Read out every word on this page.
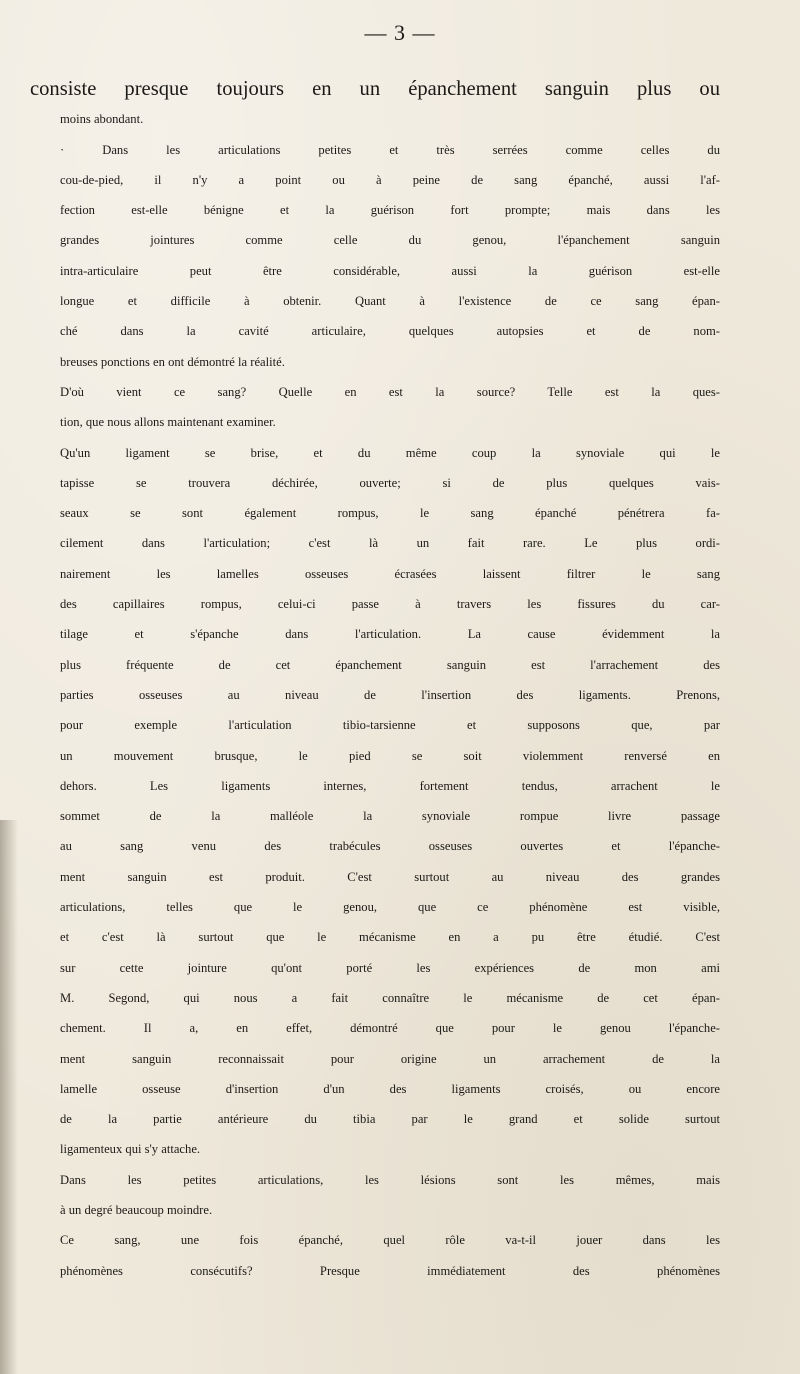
— 3 —
consiste presque toujours en un épanchement sanguin plus ou
moins abondant.
· Dans les articulations petites et très serrées comme celles du
cou-de-pied, il n'y a point ou à peine de sang épanché, aussi l'af-
fection est-elle bénigne et la guérison fort prompte; mais dans les
grandes jointures comme celle du genou, l'épanchement sanguin
intra-articulaire peut être considérable, aussi la guérison est-elle
longue et difficile à obtenir. Quant à l'existence de ce sang épan-
ché dans la cavité articulaire, quelques autopsies et de nom-
breuses ponctions en ont démontré la réalité.
D'où vient ce sang? Quelle en est la source? Telle est la ques-
tion, que nous allons maintenant examiner.
Qu'un ligament se brise, et du même coup la synoviale qui le
tapisse se trouvera déchirée, ouverte; si de plus quelques vais-
seaux se sont également rompus, le sang épanché pénétrera fa-
cilement dans l'articulation; c'est là un fait rare. Le plus ordi-
nairement les lamelles osseuses écrasées laissent filtrer le sang
des capillaires rompus, celui-ci passe à travers les fissures du car-
tilage et s'épanche dans l'articulation. La cause évidemment la
plus fréquente de cet épanchement sanguin est l'arrachement des
parties osseuses au niveau de l'insertion des ligaments. Prenons,
pour exemple l'articulation tibio-tarsienne et supposons que, par
un mouvement brusque, le pied se soit violemment renversé en
dehors. Les ligaments internes, fortement tendus, arrachent le
sommet de la malléole la synoviale rompue livre passage
au sang venu des trabécules osseuses ouvertes et l'épanche-
ment sanguin est produit. C'est surtout au niveau des grandes
articulations, telles que le genou, que ce phénomène est visible,
et c'est là surtout que le mécanisme en a pu être étudié. C'est
sur cette jointure qu'ont porté les expériences de mon ami
M. Segond, qui nous a fait connaître le mécanisme de cet épan-
chement. Il a, en effet, démontré que pour le genou l'épanche-
ment sanguin reconnaissait pour origine un arrachement de la
lamelle osseuse d'insertion d'un des ligaments croisés, ou encore
de la partie antérieure du tibia par le grand et solide surtout
ligamenteux qui s'y attache.
Dans les petites articulations, les lésions sont les mêmes, mais
à un degré beaucoup moindre.
Ce sang, une fois épanché, quel rôle va-t-il jouer dans les
phénomènes consécutifs? Presque immédiatement des phénomènes
